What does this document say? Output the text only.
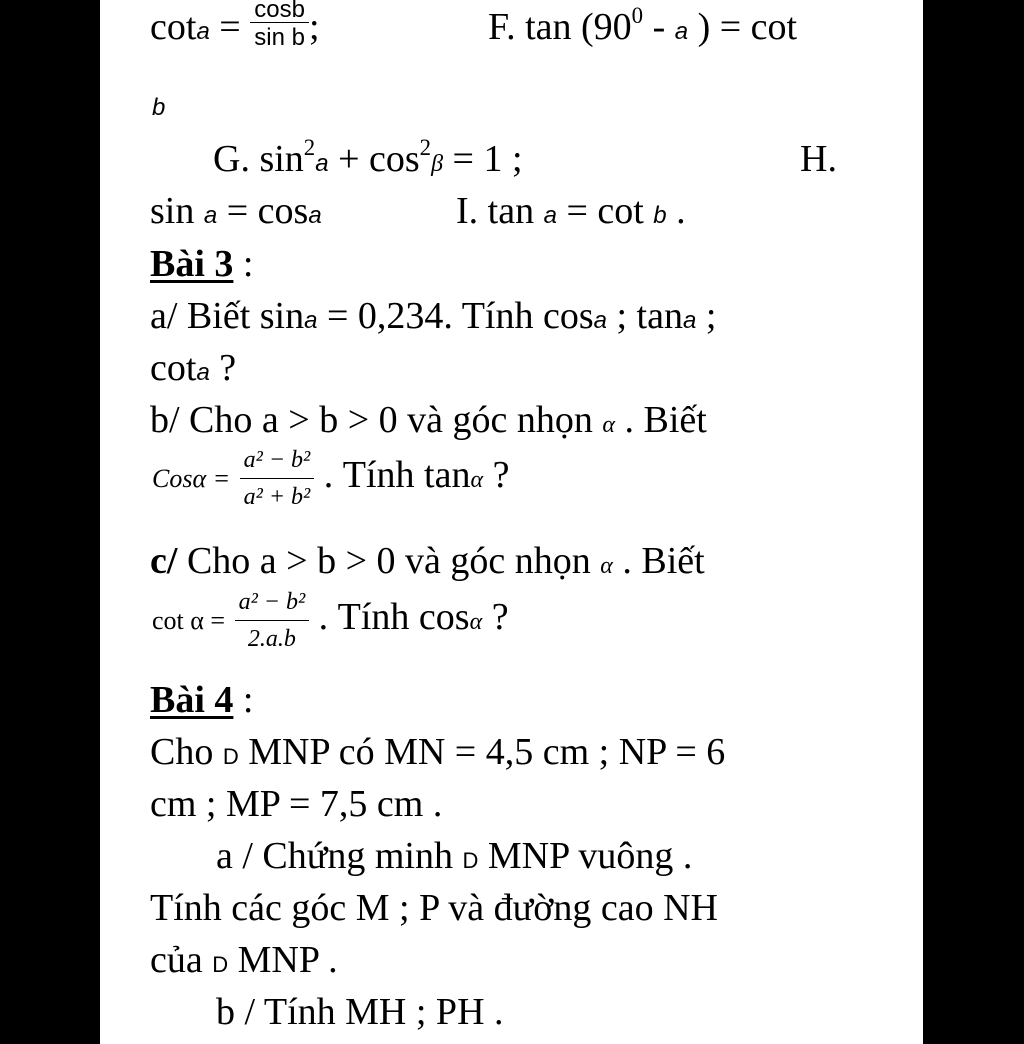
$\cot a = \frac{\cos b}{\text{sin b}}$ ;	F. $\tan (90^0$ - a ) = cot
b
G. $\sin^2a + \cos^2\beta = 1$ ;	H.
sin a = cosa	I. tan a = cot b .
Bài 3 :
a/ Biết sina = 0,234. Tính cosa ; tana ;
cota ?
b/ Cho a > b > 0 và góc nhọn α . Biết
$Cos\alpha = \frac{\text{a² − b²}}{\text{a² + b²}}$ . Tính tanα ?
c/ Cho a > b > 0 và góc nhọn α . Biết
$\cot \alpha = \frac{\text{a² − b²}}{2.a.b}$ . Tính cosα ?
Bài 4 :
Cho D MNP có MN = 4,5 cm ; NP = 6
cm ; MP = 7,5 cm .
a / Chứng minh D MNP vuông .
Tính các góc M ; P và đường cao NH
của D MNP .
b / Tính MH ; PH .
